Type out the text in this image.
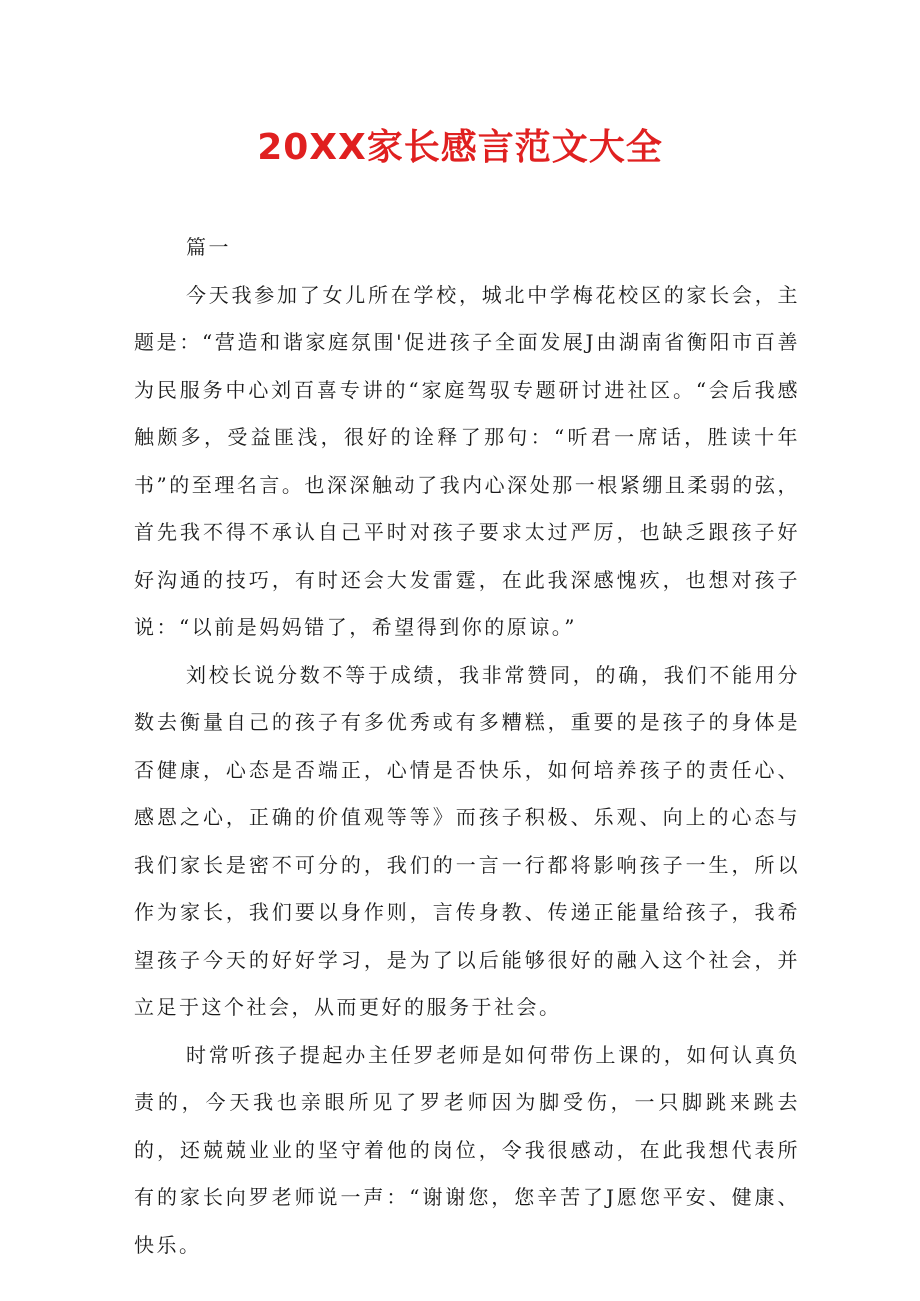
20XX家长感言范文大全

篇一

今天我参加了女儿所在学校，城北中学梅花校区的家长会，主题是：“营造和谐家庭氛围'促进孩子全面发展J由湖南省衡阳市百善为民服务中心刘百喜专讲的“家庭驾驭专题研讨进社区。“会后我感触颇多，受益匪浅，很好的诠释了那句：“听君一席话，胜读十年书”的至理名言。也深深触动了我内心深处那一根紧绷且柔弱的弦，首先我不得不承认自己平时对孩子要求太过严厉，也缺乏跟孩子好好沟通的技巧，有时还会大发雷霆，在此我深感愧疚，也想对孩子说：“以前是妈妈错了，希望得到你的原谅。”

刘校长说分数不等于成绩，我非常赞同，的确，我们不能用分数去衡量自己的孩子有多优秀或有多糟糕，重要的是孩子的身体是否健康，心态是否端正，心情是否快乐，如何培养孩子的责任心、感恩之心，正确的价值观等等》而孩子积极、乐观、向上的心态与我们家长是密不可分的，我们的一言一行都将影响孩子一生，所以作为家长，我们要以身作则，言传身教、传递正能量给孩子，我希望孩子今天的好好学习，是为了以后能够很好的融入这个社会，并立足于这个社会，从而更好的服务于社会。

时常听孩子提起办主任罗老师是如何带伤上课的，如何认真负责的，今天我也亲眼所见了罗老师因为脚受伤，一只脚跳来跳去的，还兢兢业业的坚守着他的岗位，令我很感动，在此我想代表所有的家长向罗老师说一声：“谢谢您，您辛苦了J愿您平安、健康、快乐。
